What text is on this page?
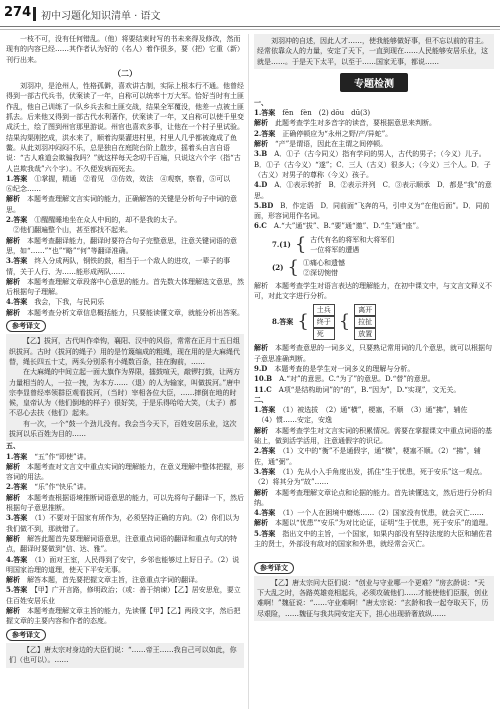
274 初中习题化知识清单 · 语文

一枝不可，没有任何错乱。（他）将要结束时写的书未来得及修改，然而现有的内容已经……其作者认为好的（名人）着作很多，要（把）它重（新）刊行出来。

（二）

刘羽冲，是沧州人，性格孤僻，喜欢讲古制，实际上根本行不通。他曾经得到一部古代兵书，伏案读了一年，自称可以统率十万大军。恰好当时有土匪作乱，他自己训练了一队乡兵去和土匪交战，结果全军覆没，他差一点被土匪抓去。后来他又得到一部古代水利著作，伏案读了一年，又自称可以使千里变成沃土，绘了图到州官那里游说。州官也喜欢多事，让他在一个村子里试验。结果沟渠刚挖成，洪水来了，顺着沟渠灌进村里，村里人几乎都被淹成了鱼鳖。从此刘羽冲闷闷不乐，总是独自在庭院台阶上散步，摇着头自言自语说：“古人难道会欺骗我吗？”就这样每天念叨千百遍，只说这六个字（指“古人岂欺我哉”六个字）。不久便发病而死去。

1.答案　 ①掌握，精通　②看见　③仿效，效法　④观察，察看，⑤可以　⑥纪念……

解析　 本题考查理解文言实词的能力，正确解答的关键是分析句子中词的意思。

2.答案　 ①醒醒睡地坐在众人中间的，却不是我的太子。

　②他们翻遍整个山，甚至都找不起来。

解析　 本题考查翻译能力，翻译时要符合句子完整意思，注意关键词语的意思，如“……”“也”“略”“何”等翻译准确。

3.答案　 终入分成两队，钢铁的鼓，相当于一个敌人的进攻，一辈子的事情，关于人行、为……能形成两队……

解析　 本题考查理解文章段落中心意思的能力。首先数大体理解选文意思，然后根据句子理解。

4.答案　 我会，下我，与民同乐

解析　 本题考查分析文章信息概括能力，只要能读懂文章，就能分析出答案。

参考译文

【乙】拔河，古代叫作牵钩，襄阳、汉中的风俗，常常在正月十五日组织拔河。古时（拔河的绳子）用的是竹篾编成的粗绳，现在用的是大麻绳代替，绳长四五十丈，两头分别系有小绳数百条，挂在胸前，……

在大麻绳的中间立起一面大旗作为界限，擂鼓喧天，敲锣打鼓，让两方力量相当的人，一拉一拽，为本方……（退）的人为输家，叫做拔河。”唐中宗李显曾经率领群臣观看拔河，（当时）宰相各位大臣，……摔倒在地的时候，皇帝认为（他们倒地的样子）很好笑，于是乐得哈哈大笑，（太子）都不忍心去扶（他们）起来。

有一次，一个“鼓一个劲儿没有。我会当今天下，百姓安居乐业，这次拔河以乐百姓为目的……

五、

1.答案　 “五”作“即使”讲。

解析　 本题考查对文言文中重点实词的理解能力，在意义理解中整体把握，形容词的用法。

2.答案　 “乐”作“快乐”讲。

解析　 本题考查根据语境推断词语意思的能力，可以先将句子翻译一下，然后根据句子意思推断。

3.答案　 （1）不要对于国家有所作为，必须坚持正确的方向。（2）你们以为我们做不到，那就错了。

解析　 解答此题首先要理解词语意思，注意重点词语的翻译和重点句式的特点，翻译时要做到“信、达、雅”。

4.答案　 （1）面对王室，人民得到了安宁，乡邻也能够过上好日子。（2）说明国家治理的道理，使天下平安无事。

解析　 解答本题，首先要把握文章主旨，注意重点字词的翻译。

5.答案　 【甲】广开言路，修明政治；（或：善于纳谏）【乙】居安思危，要立住百姓安居乐业

解析　 本题考查理解文章主旨的能力，先读懂【甲】【乙】两段文字，然后把握文章的主要内容和作者的态度。

参考译文

【乙】唐太宗对身边的大臣们说：“……帝王……我自己可以如此，你们（也可以）。……

刘羽冲的自述，因此人才……，使我能够做好事，但不忘以前的君主。经常依靠众人的力量，安定了天下，一直到现在……人民能够安居乐业，这就是……。于是天下太平，以至于……国家无事，都说……

专题检测

一、

1.答案　 fēn　fèn　(2) dōu　dū(3)

解析　 此题考查学生对多音字的读音，要根据意思来判断。

2.答案　 正确停顿应为“永州之野/产/异蛇”。

解析　 “产”是谓语，因此在主谓之间停顿。

3.B　 A．①子（古今同义）指有学问的男人，古代的男子；（今义）儿子。B．①子（古今义）“遂”；C．三人（古义）很多人；（今义）三个人。D．子（古义）对男子的尊称（今义）孩子。

4.D　 A．①表示转折　B．②表示并列　C．③表示顺承　D．都是“我”的意思。

5.BD　 B．作定语　D．同前面“飞奔的马，引申义为“在他后面”。D．同前面，形容词用作名词。

6.C　 A.“大”通“拔”、B.“要”通“邀”、D.“生”通“座”。

7.(1) { 古代有名的将军和大将军们
一位将军的遭遇
(2) { ①痛心和遗憾
②深切惋惜

解析　本题考查学生对语言表达的理解能力，在初中课文中，与文言文释义不可，对此文字进行分析。

8.答案 {
土兵
终于
死
{
离开
拉扯
放置

解析　 本题考查意思的一词多义，只要熟记常用词的几个意思，就可以根据句子意思准确判断。

9.D　 本题考查的是学生对一词多义的理解与分析。

10.B　 A.“对”的意思。C.“为了”的意思。D.“替”的意思。

11.C　 A项“是结构助词”的“的”，B.“因为”，D.“实现”，文无关。

二、　

1.答案　 （1）被选拔　（2）通“横”，梗塞，不顺　（3）通“拂”，辅佐

　（4）惯……安定，安逸

解析　 本题考查学生对文言实词的积累情况。需要在掌握课文中重点词语的基础上，做到活学活用，注意通假字的识记。

2.答案　 （1）文中的“衡”不是通假字，通“横”，梗塞不顺。（2）“拂”，辅佐，通“弼”。

3.答案　 （1）先从小入手角度出发，抓住“生于忧患，死于安乐”这一观点。（2）将其分为“故”……

解析　 本题考查理解文章论点和论据的能力。首先读懂选文，然后进行分析归纳。

4.答案　 （1）一个人在困境中磨炼……（2）国家没有忧患，就会灭亡……

解析　 本题以“忧患”“安乐”为对比论证，证明“生于忧患，死于安乐”的道理。

5.答案　 指出文中的主旨，一个国家，如果内部没有坚持法度的大臣和辅佐君主的贤士，外部没有敌对的国家和外患，就经常会灭亡。

参考译文

【乙】唐太宗问大臣们说：“创业与守业哪一个更难？”房玄龄说：“天下大乱之时，各路英雄竞相起兵，必须攻破他们……才能使他们臣服，创业难啊！”魏征说：“……守业难啊！”唐太宗说：“玄龄和我一起夺取天下，历尽艰险，……魏征与我共同安定天下，担心出现骄奢放纵……
